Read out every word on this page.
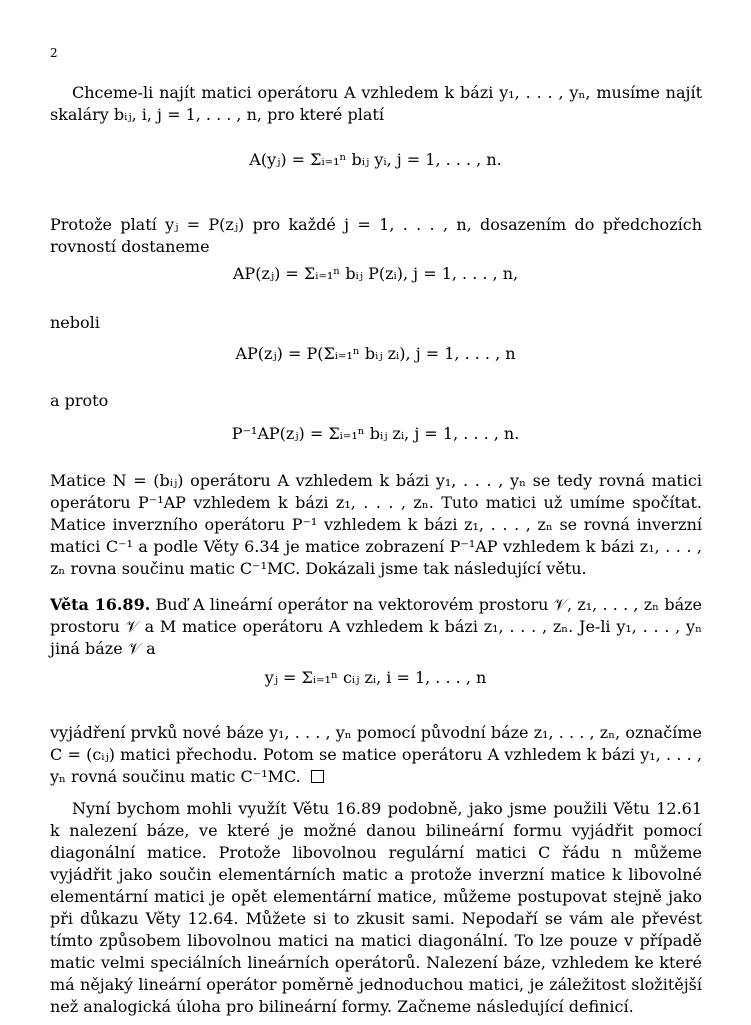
2
Chceme-li najít matici operátoru A vzhledem k bázi y₁, . . . , yₙ, musíme najít skaláry bᵢⱼ, i, j = 1, . . . , n, pro které platí
A(yⱼ) = Σᵢ₌₁ⁿ bᵢⱼ yᵢ, j = 1, . . . , n.
Protože platí yⱼ = P(zⱼ) pro každé j = 1, . . . , n, dosazením do předchozích rovností dostaneme
AP(zⱼ) = Σᵢ₌₁ⁿ bᵢⱼ P(zᵢ), j = 1, . . . , n,
neboli
AP(zⱼ) = P(Σᵢ₌₁ⁿ bᵢⱼ zᵢ), j = 1, . . . , n
a proto
P⁻¹AP(zⱼ) = Σᵢ₌₁ⁿ bᵢⱼ zᵢ, j = 1, . . . , n.
Matice N = (bᵢⱼ) operátoru A vzhledem k bázi y₁, . . . , yₙ se tedy rovná matici operátoru P⁻¹AP vzhledem k bázi z₁, . . . , zₙ. Tuto matici už umíme spočítat. Matice inverzního operátoru P⁻¹ vzhledem k bázi z₁, . . . , zₙ se rovná inverzní matici C⁻¹ a podle Věty 6.34 je matice zobrazení P⁻¹AP vzhledem k bázi z₁, . . . , zₙ rovna součinu matic C⁻¹MC. Dokázali jsme tak následující větu.
Věta 16.89. Buď A lineární operátor na vektorovém prostoru 𝒱, z₁, . . . , zₙ báze prostoru 𝒱 a M matice operátoru A vzhledem k bázi z₁, . . . , zₙ. Je-li y₁, . . . , yₙ jiná báze 𝒱 a
yⱼ = Σᵢ₌₁ⁿ cᵢⱼ zᵢ, i = 1, . . . , n
vyjádření prvků nové báze y₁, . . . , yₙ pomocí původní báze z₁, . . . , zₙ, označíme C = (cᵢⱼ) matici přechodu. Potom se matice operátoru A vzhledem k bázi y₁, . . . , yₙ rovná součinu matic C⁻¹MC.
Nyní bychom mohli využít Větu 16.89 podobně, jako jsme použili Větu 12.61 k nalezení báze, ve které je možné danou bilineární formu vyjádřit pomocí diagonální matice. Protože libovolnou regulární matici C řádu n můžeme vyjádřit jako součin elementárních matic a protože inverzní matice k libovolné elementární matici je opět elementární matice, můžeme postupovat stejně jako při důkazu Věty 12.64. Můžete si to zkusit sami. Nepodaří se vám ale převést tímto způsobem libovolnou matici na matici diagonální. To lze pouze v případě matic velmi speciálních lineárních operátorů. Nalezení báze, vzhledem ke které má nějaký lineární operátor poměrně jednoduchou matici, je záležitost složitější než analogická úloha pro bilineární formy. Začneme následující definicí.
